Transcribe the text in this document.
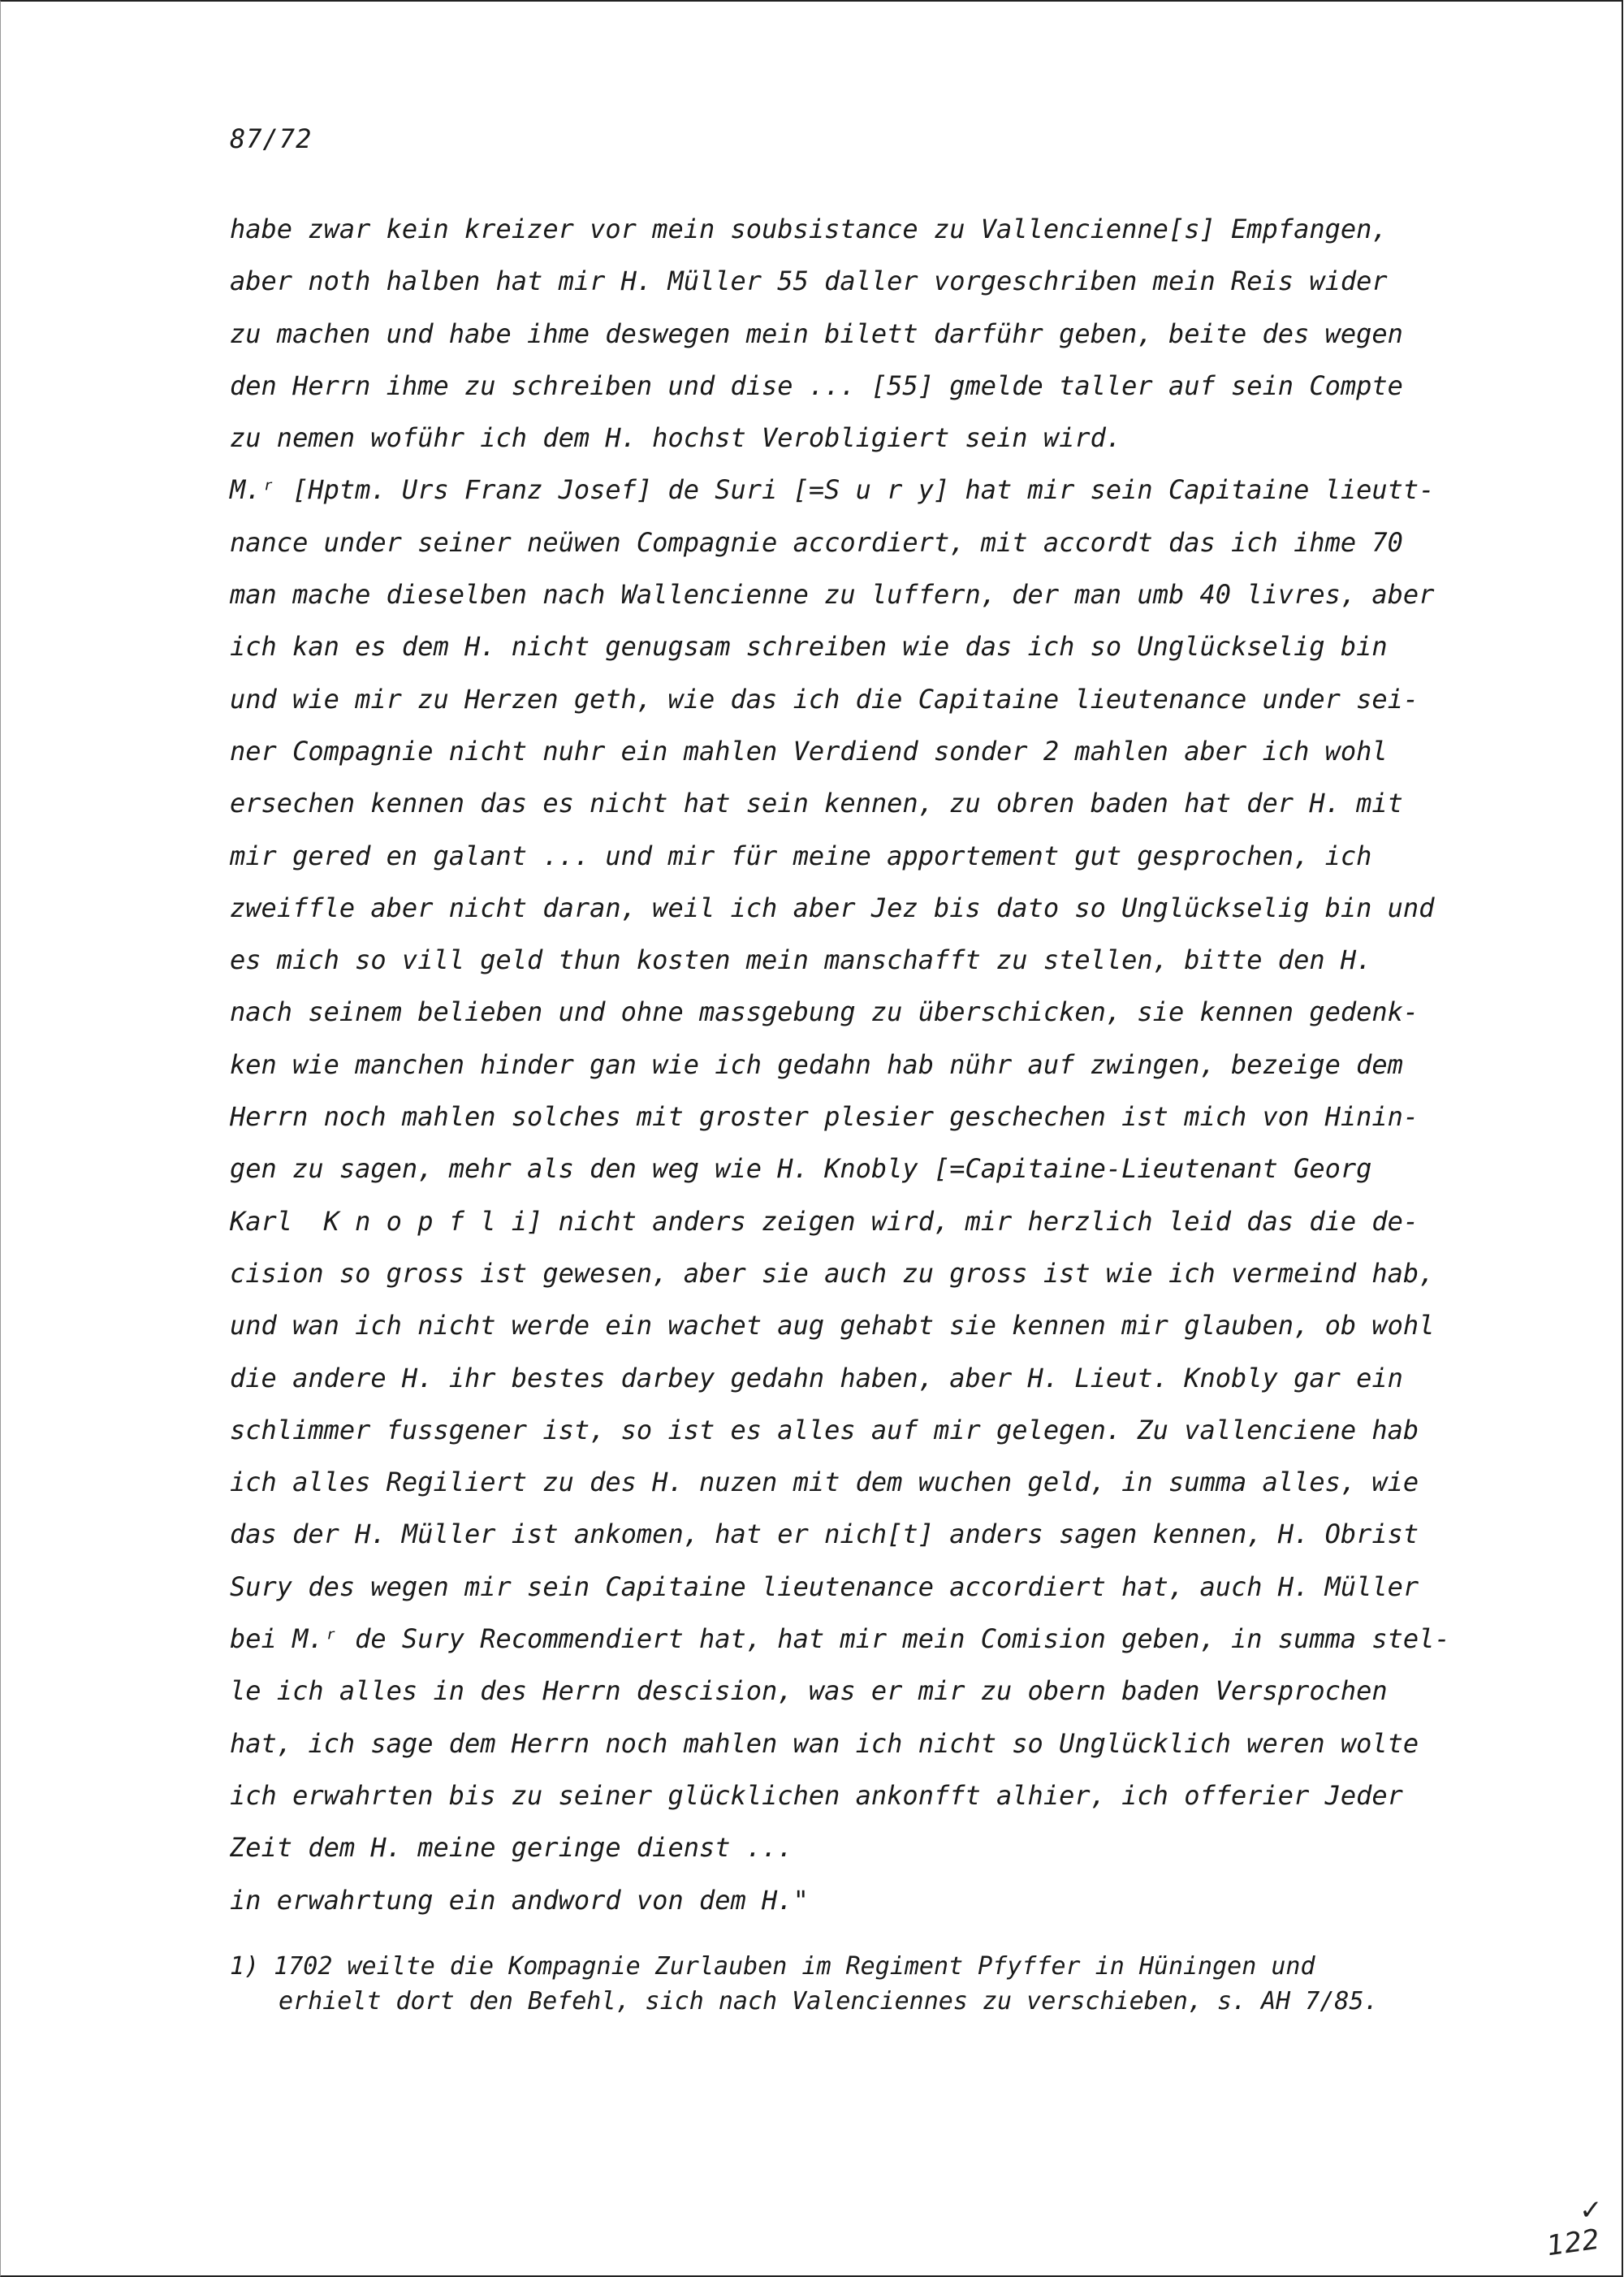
87/72
habe zwar kein kreizer vor mein soubsistance zu Vallencienne[s] Empfangen,
aber noth halben hat mir H. Müller 55 daller vorgeschriben mein Reis wider
zu machen und habe ihme deswegen mein bilett darführ geben, beite des wegen
den Herrn ihme zu schreiben und dise ... [55] gmelde taller auf sein Compte
zu nemen woführ ich dem H. hochst Verobligiert sein wird.
M.ʳ [Hptm. Urs Franz Josef] de Suri [=S u r y] hat mir sein Capitaine lieutt-
nance under seiner neüwen Compagnie accordiert, mit accordt das ich ihme 70
man mache dieselben nach Wallencienne zu luffern, der man umb 40 livres, aber
ich kan es dem H. nicht genugsam schreiben wie das ich so Unglückselig bin
und wie mir zu Herzen geth, wie das ich die Capitaine lieutenance under sei-
ner Compagnie nicht nuhr ein mahlen Verdiend sonder 2 mahlen aber ich wohl
ersechen kennen das es nicht hat sein kennen, zu obren baden hat der H. mit
mir gered en galant ... und mir für meine apportement gut gesprochen, ich
zweiffle aber nicht daran, weil ich aber Jez bis dato so Unglückselig bin und
es mich so vill geld thun kosten mein manschafft zu stellen, bitte den H.
nach seinem belieben und ohne massgebung zu überschicken, sie kennen gedenk-
ken wie manchen hinder gan wie ich gedahn hab nühr auf zwingen, bezeige dem
Herrn noch mahlen solches mit groster plesier geschechen ist mich von Hinin-
gen zu sagen, mehr als den weg wie H. Knobly [=Capitaine-Lieutenant Georg
Karl  K n o p f l i] nicht anders zeigen wird, mir herzlich leid das die de-
cision so gross ist gewesen, aber sie auch zu gross ist wie ich vermeind hab,
und wan ich nicht werde ein wachet aug gehabt sie kennen mir glauben, ob wohl
die andere H. ihr bestes darbey gedahn haben, aber H. Lieut. Knobly gar ein
schlimmer fussgener ist, so ist es alles auf mir gelegen. Zu vallenciene hab
ich alles Regiliert zu des H. nuzen mit dem wuchen geld, in summa alles, wie
das der H. Müller ist ankomen, hat er nich[t] anders sagen kennen, H. Obrist
Sury des wegen mir sein Capitaine lieutenance accordiert hat, auch H. Müller
bei M.ʳ de Sury Recommendiert hat, hat mir mein Comision geben, in summa stel-
le ich alles in des Herrn descision, was er mir zu obern baden Versprochen
hat, ich sage dem Herrn noch mahlen wan ich nicht so Unglücklich weren wolte
ich erwahrten bis zu seiner glücklichen ankonfft alhier, ich offerier Jeder
Zeit dem H. meine geringe dienst ...
in erwahrtung ein andword von dem H."
1) 1702 weilte die Kompagnie Zurlauben im Regiment Pfyffer in Hüningen und
erhielt dort den Befehl, sich nach Valenciennes zu verschieben, s. AH 7/85.
✓
122
